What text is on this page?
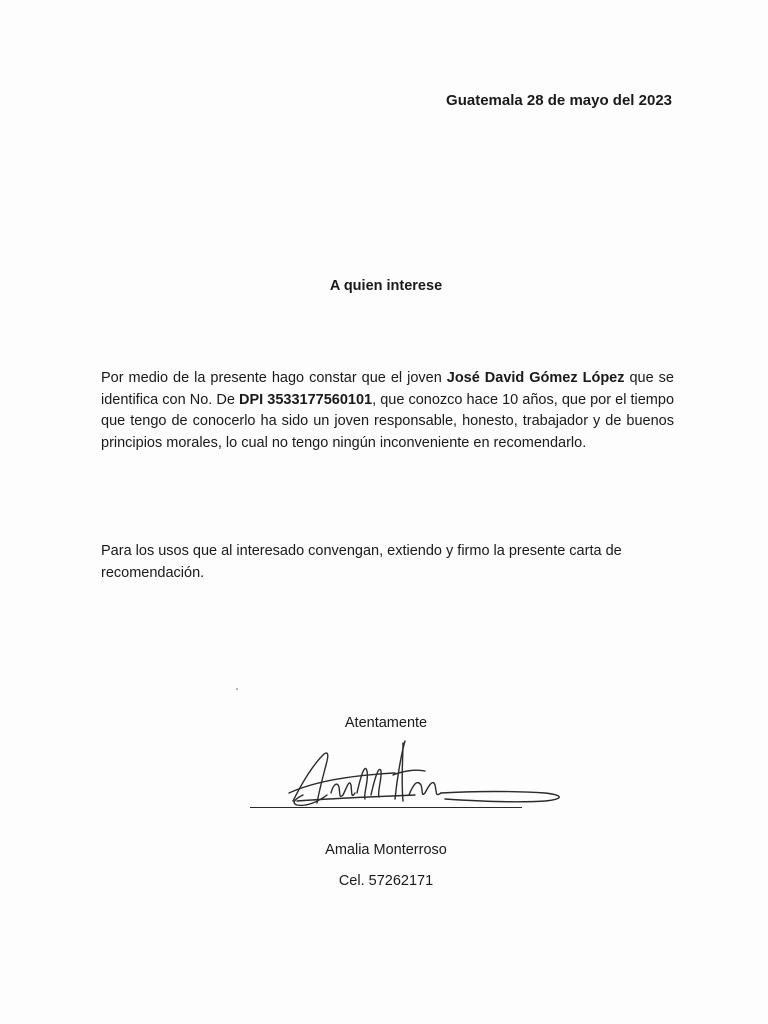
Guatemala 28 de mayo del 2023
A quien interese
Por medio de la presente hago constar que el joven José David Gómez López que se identifica con No. De DPI 3533177560101, que conozco hace 10 años, que por el tiempo que tengo de conocerlo ha sido un joven responsable, honesto, trabajador y de buenos principios morales, lo cual no tengo ningún inconveniente en recomendarlo.
Para los usos que al interesado convengan, extiendo y firmo la presente carta de recomendación.
Atentamente
Amalia Monterroso
Cel. 57262171
